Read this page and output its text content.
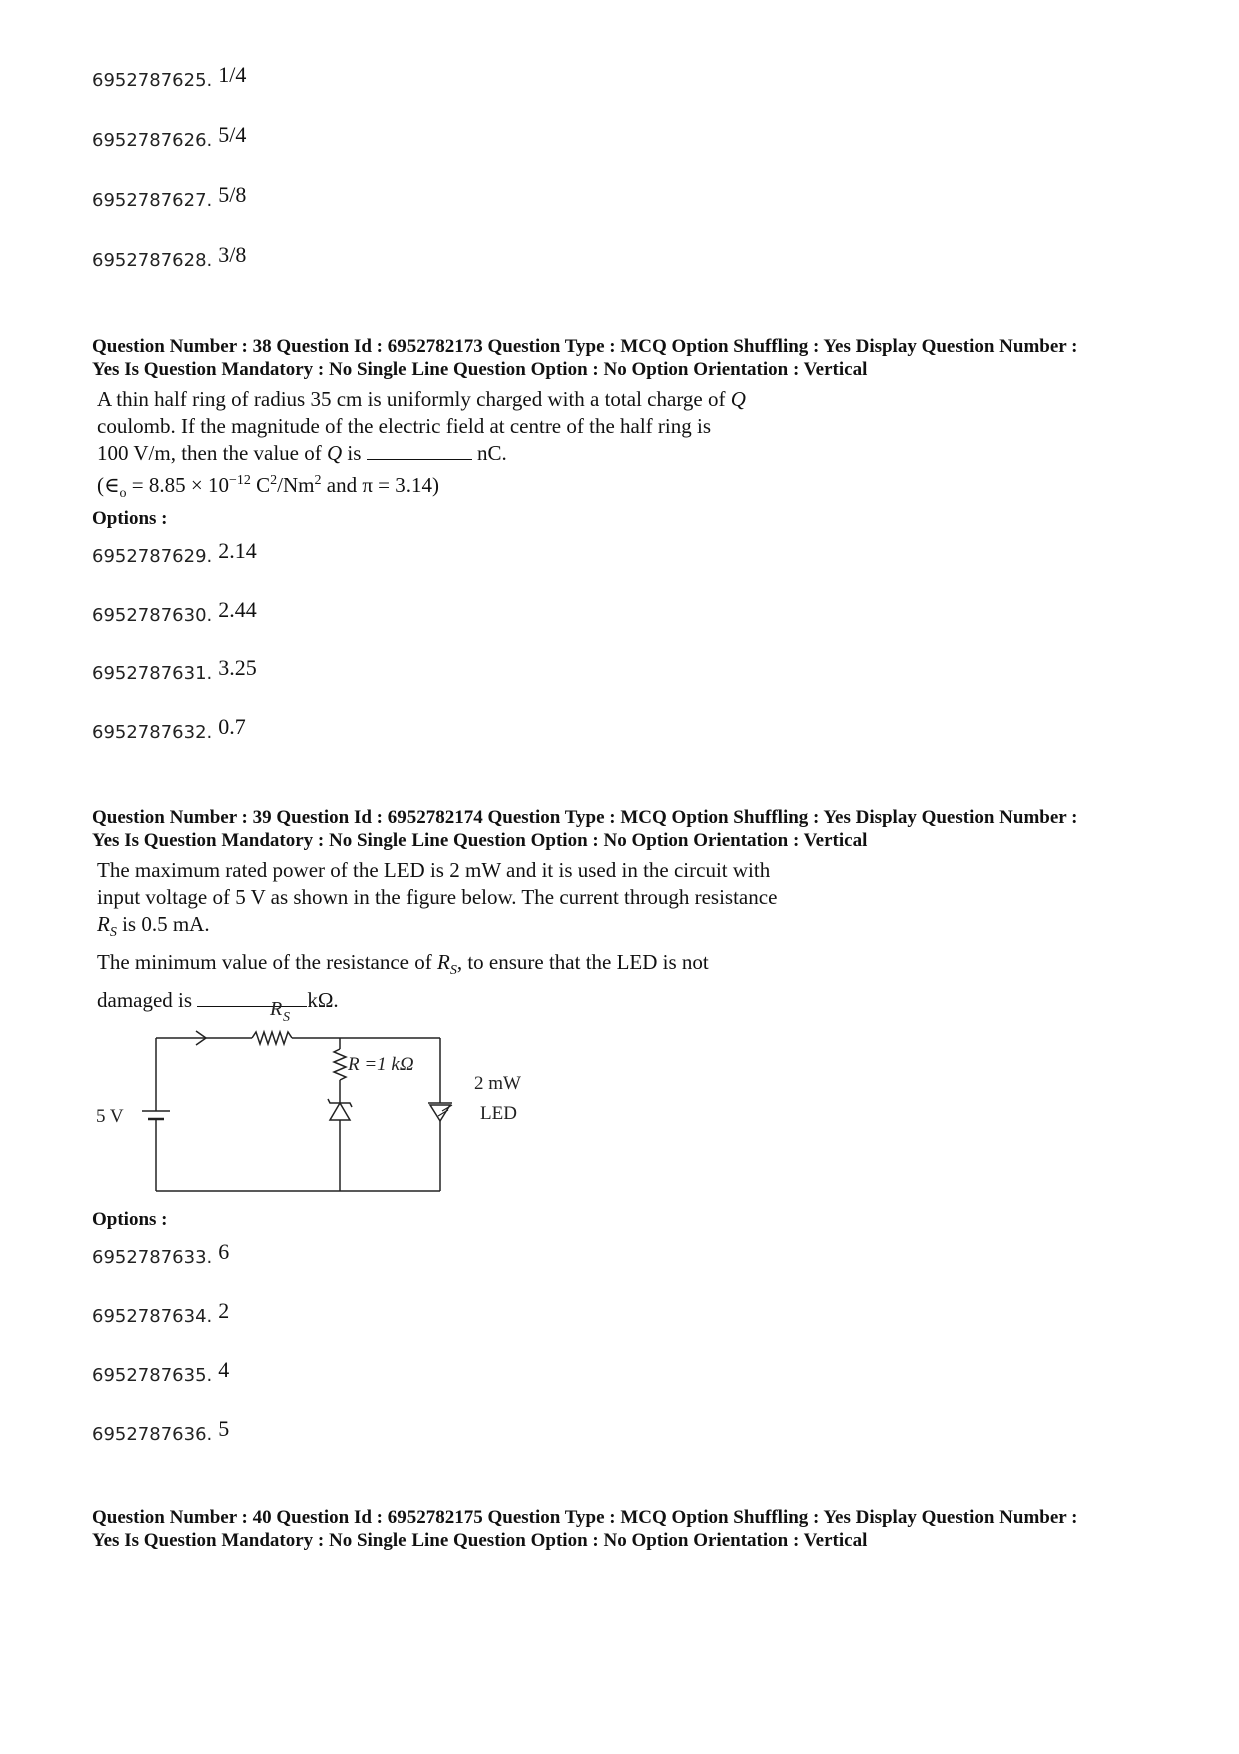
6952787625. 1/4
6952787626. 5/4
6952787627. 5/8
6952787628. 3/8
Question Number : 38 Question Id : 6952782173 Question Type : MCQ Option Shuffling : Yes Display Question Number :
Yes Is Question Mandatory : No Single Line Question Option : No Option Orientation : Vertical
A thin half ring of radius 35 cm is uniformly charged with a total charge of Q
coulomb. If the magnitude of the electric field at centre of the half ring is
100 V/m, then the value of Q is	nC.
($\in_o = 8.85 \times 10^{-12}$ $C^2/Nm^2$ and π = 3.14)
Options :
6952787629. 2.14
6952787630. 2.44
6952787631. 3.25
6952787632. 0.7
Question Number : 39 Question Id : 6952782174 Question Type : MCQ Option Shuffling : Yes Display Question Number :
Yes Is Question Mandatory : No Single Line Question Option : No Option Orientation : Vertical
The maximum rated power of the LED is 2 mW and it is used in the circuit with
input voltage of 5 V as shown in the figure below. The current through resistance
$R_S$ is 0.5 mA.
The minimum value of the resistance of $R_S$, to ensure that the LED is not
damaged is	kΩ.
R S
5 V
R =1 kΩ
2 mW
LED
Options :
6952787633. 6
6952787634. 2
6952787635. 4
6952787636. 5
Question Number : 40 Question Id : 6952782175 Question Type : MCQ Option Shuffling : Yes Display Question Number :
Yes Is Question Mandatory : No Single Line Question Option : No Option Orientation : Vertical
